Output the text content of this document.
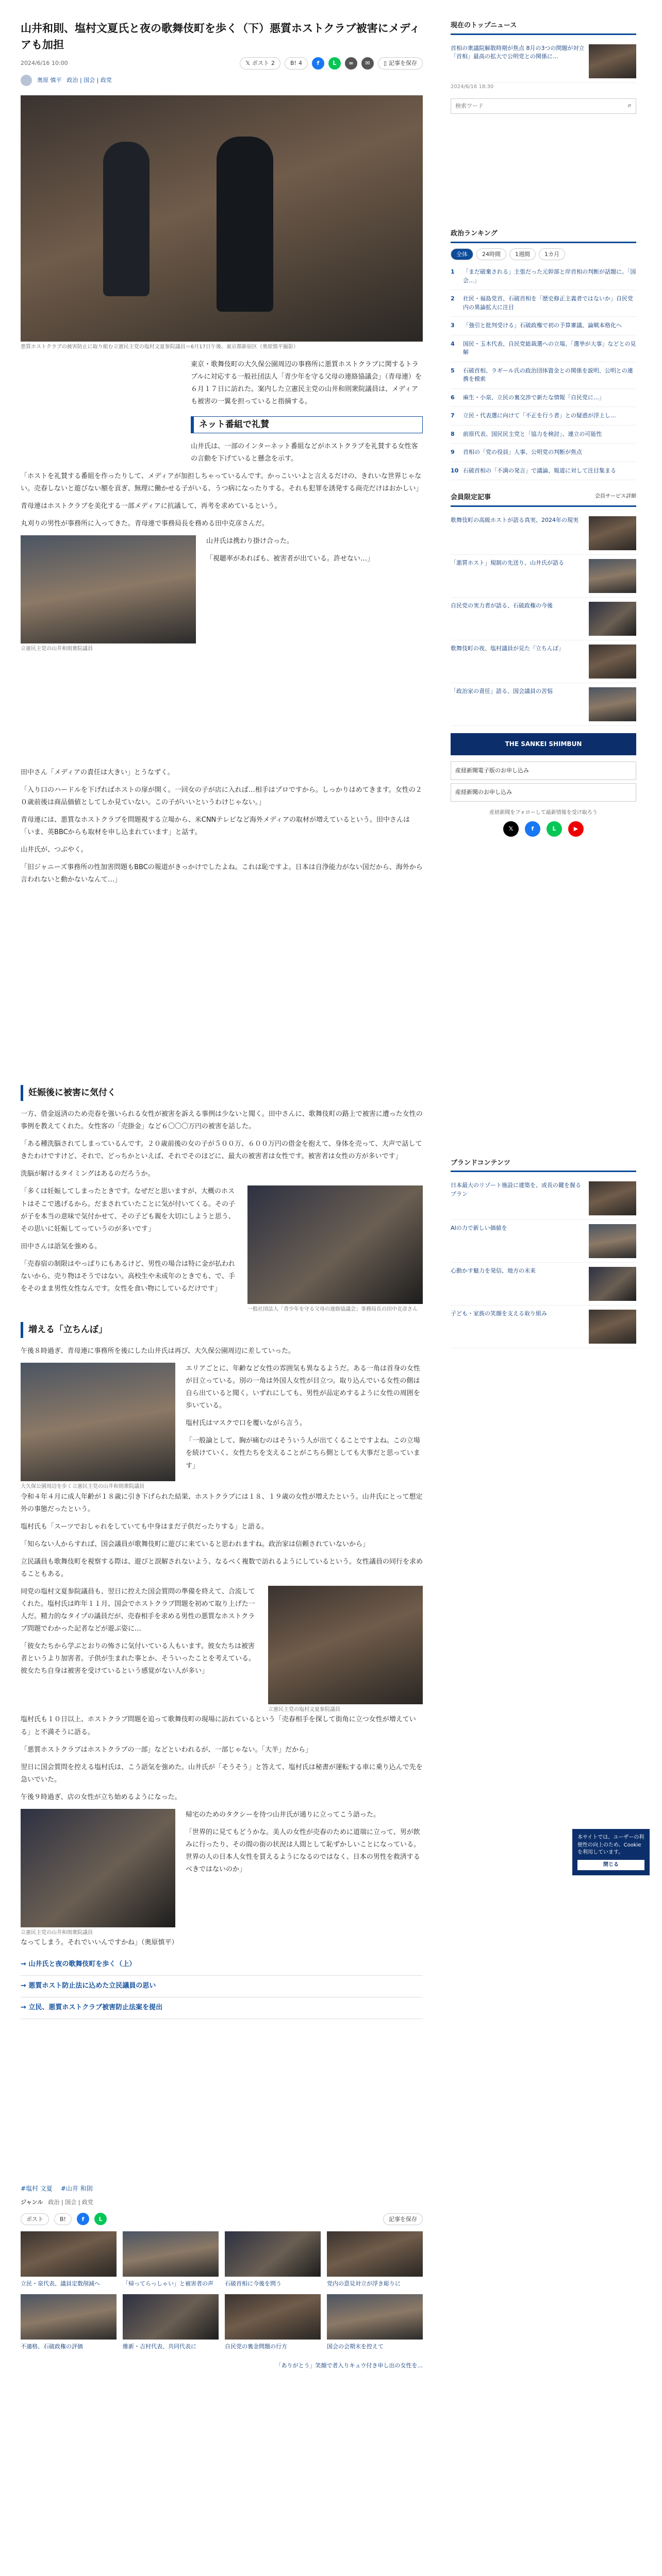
山井和則、塩村文夏氏と夜の歌舞伎町を歩く（下）悪質ホストクラブ被害にメディアも加担
2024/6/16 10:00	𝕏 ポスト 2	B! 4	f	L	∞	✉	▯ 記事を保存
奥原 慎平 政治 | 国会 | 政党
悪質ホストクラブの被害防止に取り組む立憲民主党の塩村文夏参院議員＝6月17日午後、東京都新宿区（奥原慎平撮影）

東京・歌舞伎町の大久保公園周辺の事務所に悪質ホストクラブに関するトラブルに対応する一般社団法人「青少年を守る父母の連絡協議会」（青母連）を６月１７日に訪れた。案内した立憲民主党の山井和則衆院議員は、メディアも被害の一翼を担っていると指摘する。

ネット番組で礼賛

山井氏は、一部のインターネット番組などがホストクラブを礼賛する女性客の言動を下げていると懸念を示す。

「ホストを礼賛する番組を作ったりして、メディアが加担しちゃっているんです。かっこいいよと言えるだけの、きれいな世界じゃない。売春しないと遊びない額を貢ぎ、無理に働かせる子がいる、うつ病になったりする。それも犯罪を誘発する商売だけはおかしい」

青母連はホストクラブを美化する一部メディアに抗議して、再考を求めているという。

丸刈りの男性が事務所に入ってきた。青母連で事務局長を務める田中克彦さんだ。

立憲民主党の山井和則衆院議員

山井氏は携わり掛け合った。

「視聴率があればも、被害者が出ている。許せない…」

田中さん「メディアの責任は大きい」とうなずく。

「入り口のハードルを下げればホストの扉が開く。一回女の子が店に入れば…相手はプロですから。しっかりはめてきます。女性の２０歳前後は商品価値としてしか見ていない。この子がいいというわけじゃない。」

青母連には、悪質なホストクラブを問題視する立場から、米CNNテレビなど海外メディアの取材が増えているという。田中さんは「いま、英BBCからも取材を申し込まれています」と話す。

山井氏が、つぶやく。

「旧ジャニーズ事務所の性加害問題もBBCの報道がきっかけでしたよね。これは恥ですよ。日本は自浄能力がない国だから、海外から言われないと動かないなんて…」

妊娠後に被害に気付く

一方、借金返済のため売春を強いられる女性が被害を訴える事例は少ないと聞く。田中さんに、歌舞伎町の路上で被害に遭った女性の事例を教えてくれた。女性客の「売掛金」など６〇〇〇万円の被害を話した。

「ある種洗脳されてしまっているんです。２０歳前後の女の子が５００万、６００万円の借金を抱えて、身体を売って、大声で話してきたわけですけど、それで、どっちかといえば、それでそのほどに、最大の被害者は女性です。被害者は女性の方が多いです」

洗脳が解けるタイミングはあるのだろうか。

「多くは妊娠してしまったときです。なぜだと思いますが、大概のホストはそこで逃げるから。だまされていたことに気が付いてくる。その子が子を本当の意味で気付かせて、その子ども親を大切にしようと思う、その思いに妊娠してっていうのが多いです」

田中さんは語気を強める。

「売春宿の制限はやっぱりにもあるけど、男性の場合は特に金が払われないから、売り物はそうではない。高校生や未成年のときでも、で、手をそのまま男性女性なんです。女性を食い物にしているだけです」

一般社団法人「青少年を守る父母の連絡協議会」事務局長の田中克彦さん
増える「立ちんぼ」

午後８時過ぎ、青母連に事務所を後にした山井氏は再び、大久保公園周辺に差していった。

大久保公園周辺を歩く立憲民主党の山井和則衆院議員

エリアごとに、年齢など女性の雰囲気も異なるようだ。ある一角は首身の女性が目立っている。別の一角は外国人女性が目立つ。取り込んでいる女性の側は自ら出ていると聞く。いずれにしても、男性が品定めするように女性の周囲を歩いている。

塩村氏はマスクで口を覆いながら言う。

「一般論として、胸が痛むのはそういう人が出てくることですよね。この立場を続けていく、女性たちを支えることがこちら側としても大事だと思っています」

令和４年４月に成人年齢が１８歳に引き下げられた結果、ホストクラブには１８、１９歳の女性が増えたという。山井氏にとって想定外の事態だったという。

塩村氏も「スーツでおしゃれをしていても中身はまだ子供だったりする」と語る。

「知らない人からすれば、国会議員が歌舞伎町に遊びに来ていると思われますね。政治家は信頼されていないから」

立民議員も歌舞伎町を視察する際は、遊びと誤解されないよう、なるべく複数で訪れるようにしているという。女性議員の同行を求めることもある。

同党の塩村文夏参院議員も、翌日に控えた国会質問の準備を終えて、合流してくれた。塩村氏は昨年１１月、国会でホストクラブ問題を初めて取り上げた一人だ。精力的なタイプの議員だが、売春相手を求める男性の悪質なホストクラブ問題でわかった記者などが遊ぶ姿に…

「彼女たちから学ぶとおりの怖さに気付いている人もいます。彼女たちは被害者というより加害者。子供が生まれた事とか、そういったことを考えている。彼女たち自身は被害を受けているという感覚がない人が多い」

立憲民主党の塩村文夏参院議員

塩村氏も１０日以上、ホストクラブ問題を追って歌舞伎町の現場に訪れているという「売春相手を探して街角に立つ女性が増えている」と不満そうに語る。

「悪質ホストクラブはホストクラブの一部」などといわれるが、一部じゃない。「大半」だから」

翌日に国会質問を控える塩村氏は、こう語気を強めた。山井氏が「そうそう」と答えて、塩村氏は秘書が運転する車に乗り込んで先を急いでいた。

午後９時過ぎ、店の女性が立ち始めるようになった。

立憲民主党の山井和則衆院議員

帰宅のためのタクシーを待つ山井氏が通りに立ってこう語った。

「世界的に見てもどうかな。美人の女性が売春のために道端に立って、男が飲みに行ったり、その間の街の状況は人間として恥ずかしいことになっている。世界の人の日本人女性を買えるようになるのではなく、日本の男性を救済するべきではないのか」

なってしまう。それでいいんですかね」（奥原慎平）

→ 山井氏と夜の歌舞伎町を歩く（上）
→ 悪質ホスト防止法に込めた立民議員の思い
→ 立民、悪質ホストクラブ被害防止法案を提出
#塩村 文夏 #山井 和則
ジャンル 政治 | 国会 | 政党
ポスト	B!	f	L	記事を保存
立民・泉代表、議員定数削減へ	「帰ってらっしゃい」と被害者の声	石破首相に今後を問う	党内の意見対立が浮き彫りに
不適格、石破政権の評価	維新・吉村代表、共同代表に	自民党の裏金問題の行方	国会の会期末を控えて
「ありがとう」笑顔で者入りキュウ付き申し出の女性を...
現在のトップニュース
首相の衆議院解散時期が焦点 8月の3つの問題が対立 「首相」最高の拡大で公明党との関係に...
2024/6/16 18:30
検索ワード
⌕
政治ランキング
全体	24時間	1週間	1カ月
1	「まだ破棄される」主張だった元幹部と岸首相の判断が話題に。「国会...」
2	社民・福島党首、石破首相を「歴史修正主義者ではないか」自民党内の異論拡大に注目
3	「強引と批判受ける」石破政権で初の予算審議、論戦本格化へ
4	国民・玉木代表、自民党総裁選への立場、「選挙が大事」などとの見解
5	石破首相、ラギール氏の政治団体資金との関係を説明、公明との連携を模索
6	麻生・小泉、立民の裏交渉で新たな情報「自民党に...」
7	立民・代表選に向けて「不正を行う者」との疑惑が浮上し...
8	前原代表、国民民主党と「協力を検討」、連立の可能性
9	首相の「党の役員」人事、公明党の判断が焦点
10 石破首相の「不満の発言」で議論、報道に対して注目集まる
会員限定記事	会員サービス詳細
歌舞伎町の高級ホストが語る真実、2024年の現実
「悪質ホスト」規制の先送り、山井氏が語る
自民党の実力者が語る、石破政権の今後
歌舞伎町の夜、塩村議員が見た「立ちんぼ」
「政治家の責任」語る、国会議員の苦悩
THE SANKEI SHIMBUN
産経新聞電子版のお申し込み
産経新聞のお申し込み
産経新聞をフォローして最新情報を受け取ろう
𝕏	f	L	▶
ブランドコンテンツ
日本最大のリゾート施設に建築を、成長の鍵を握るプラン
AIの力で新しい価値を
心動かす魅力を発信、地方の未来
子ども・家族の笑顔を支える取り組み
本サイトでは、ユーザーの利便性の向上のため、Cookieを利用しています。
閉じる
